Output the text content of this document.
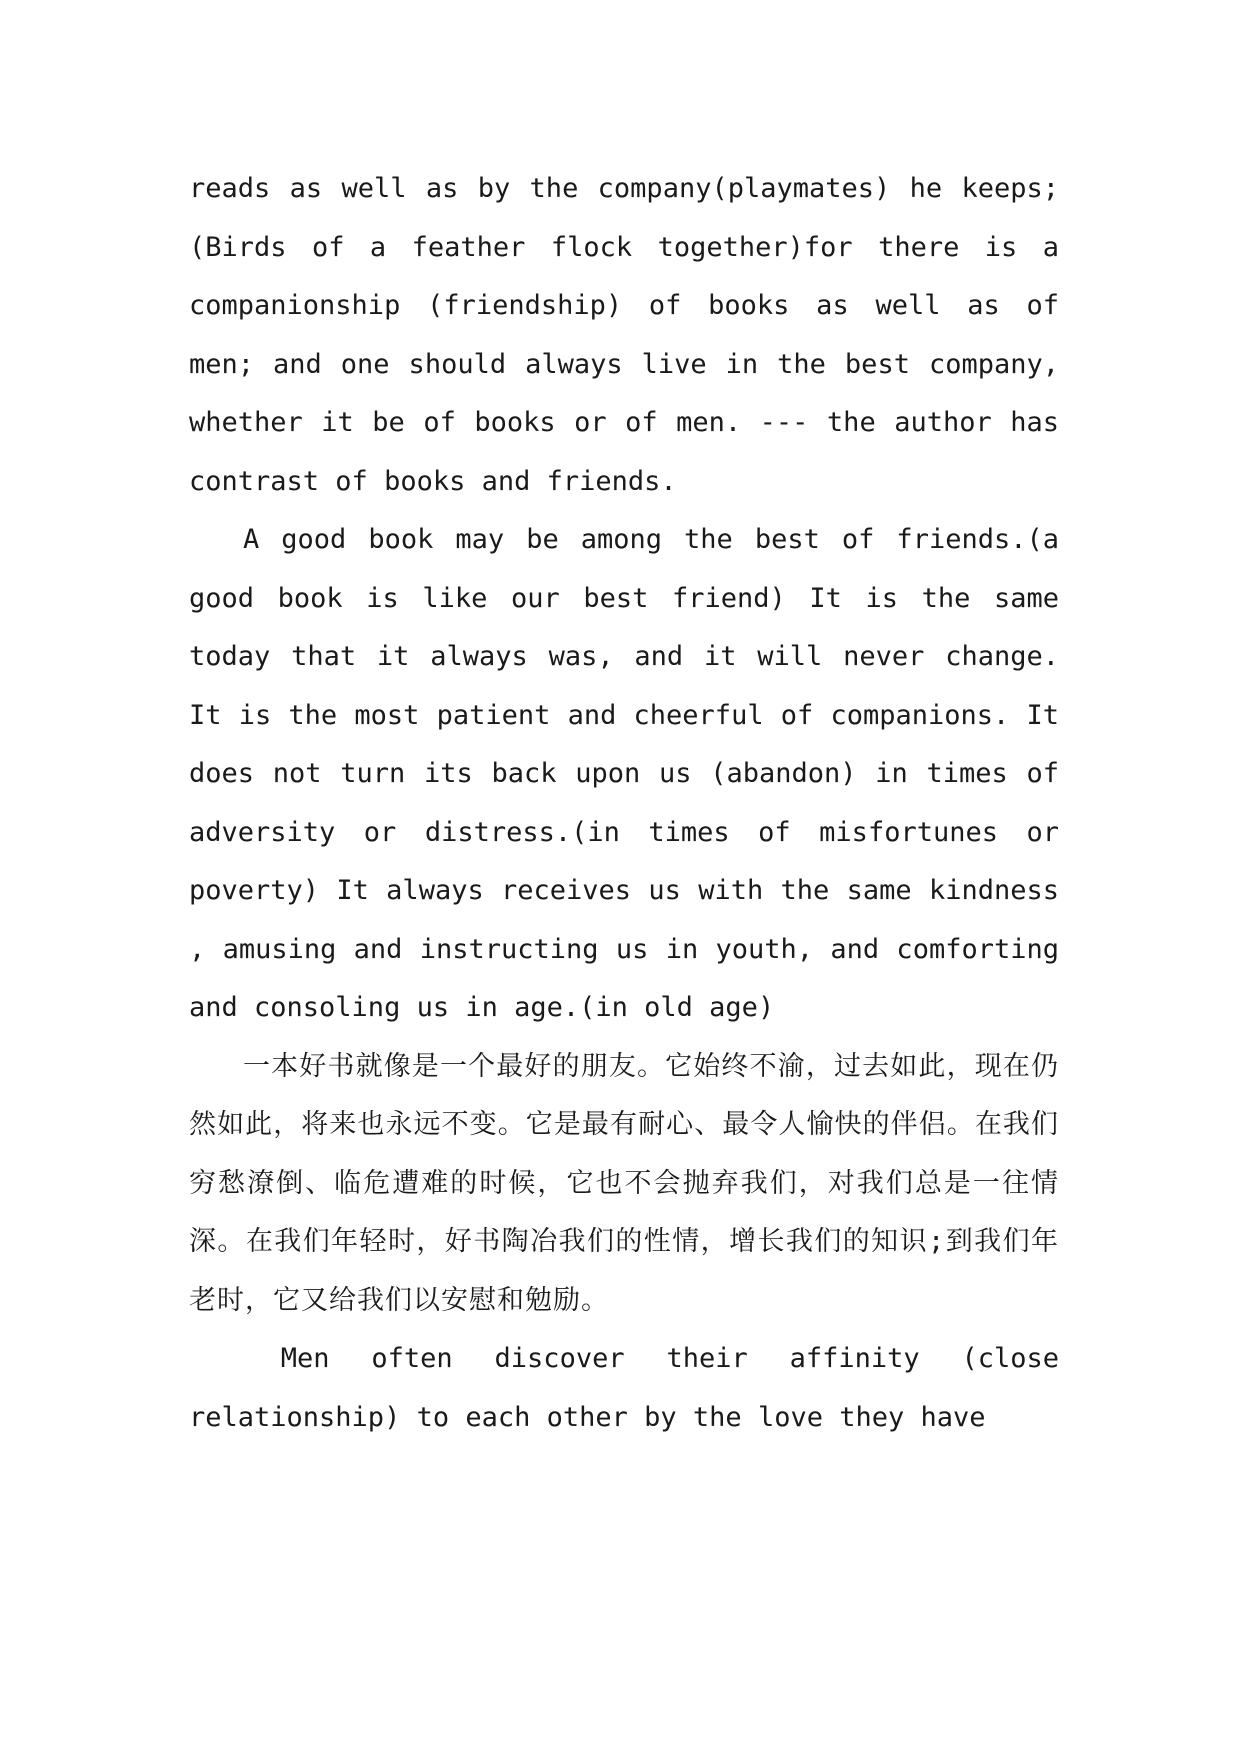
reads as well as by the company(playmates) he keeps;(Birds of a feather flock together)for there is a companionship (friendship) of books as well as of men; and one should always live in the best company, whether it be of books or of men. --- the author has contrast of books and friends.

A good book may be among the best of friends.(a good book is like our best friend) It is the same today that it always was, and it will never change. It is the most patient and cheerful of companions. It does not turn its back upon us (abandon) in times of adversity or distress.(in times of misfortunes or poverty) It always receives us with the same kindness , amusing and instructing us in youth, and comforting and consoling us in age.(in old age)

一本好书就像是一个最好的朋友。它始终不渝，过去如此，现在仍然如此，将来也永远不变。它是最有耐心、最令人愉快的伴侣。在我们穷愁潦倒、临危遭难的时候，它也不会抛弃我们，对我们总是一往情深。在我们年轻时，好书陶冶我们的性情，增长我们的知识;到我们年老时，它又给我们以安慰和勉励。

Men often discover their affinity (close relationship) to each other by the love they have
